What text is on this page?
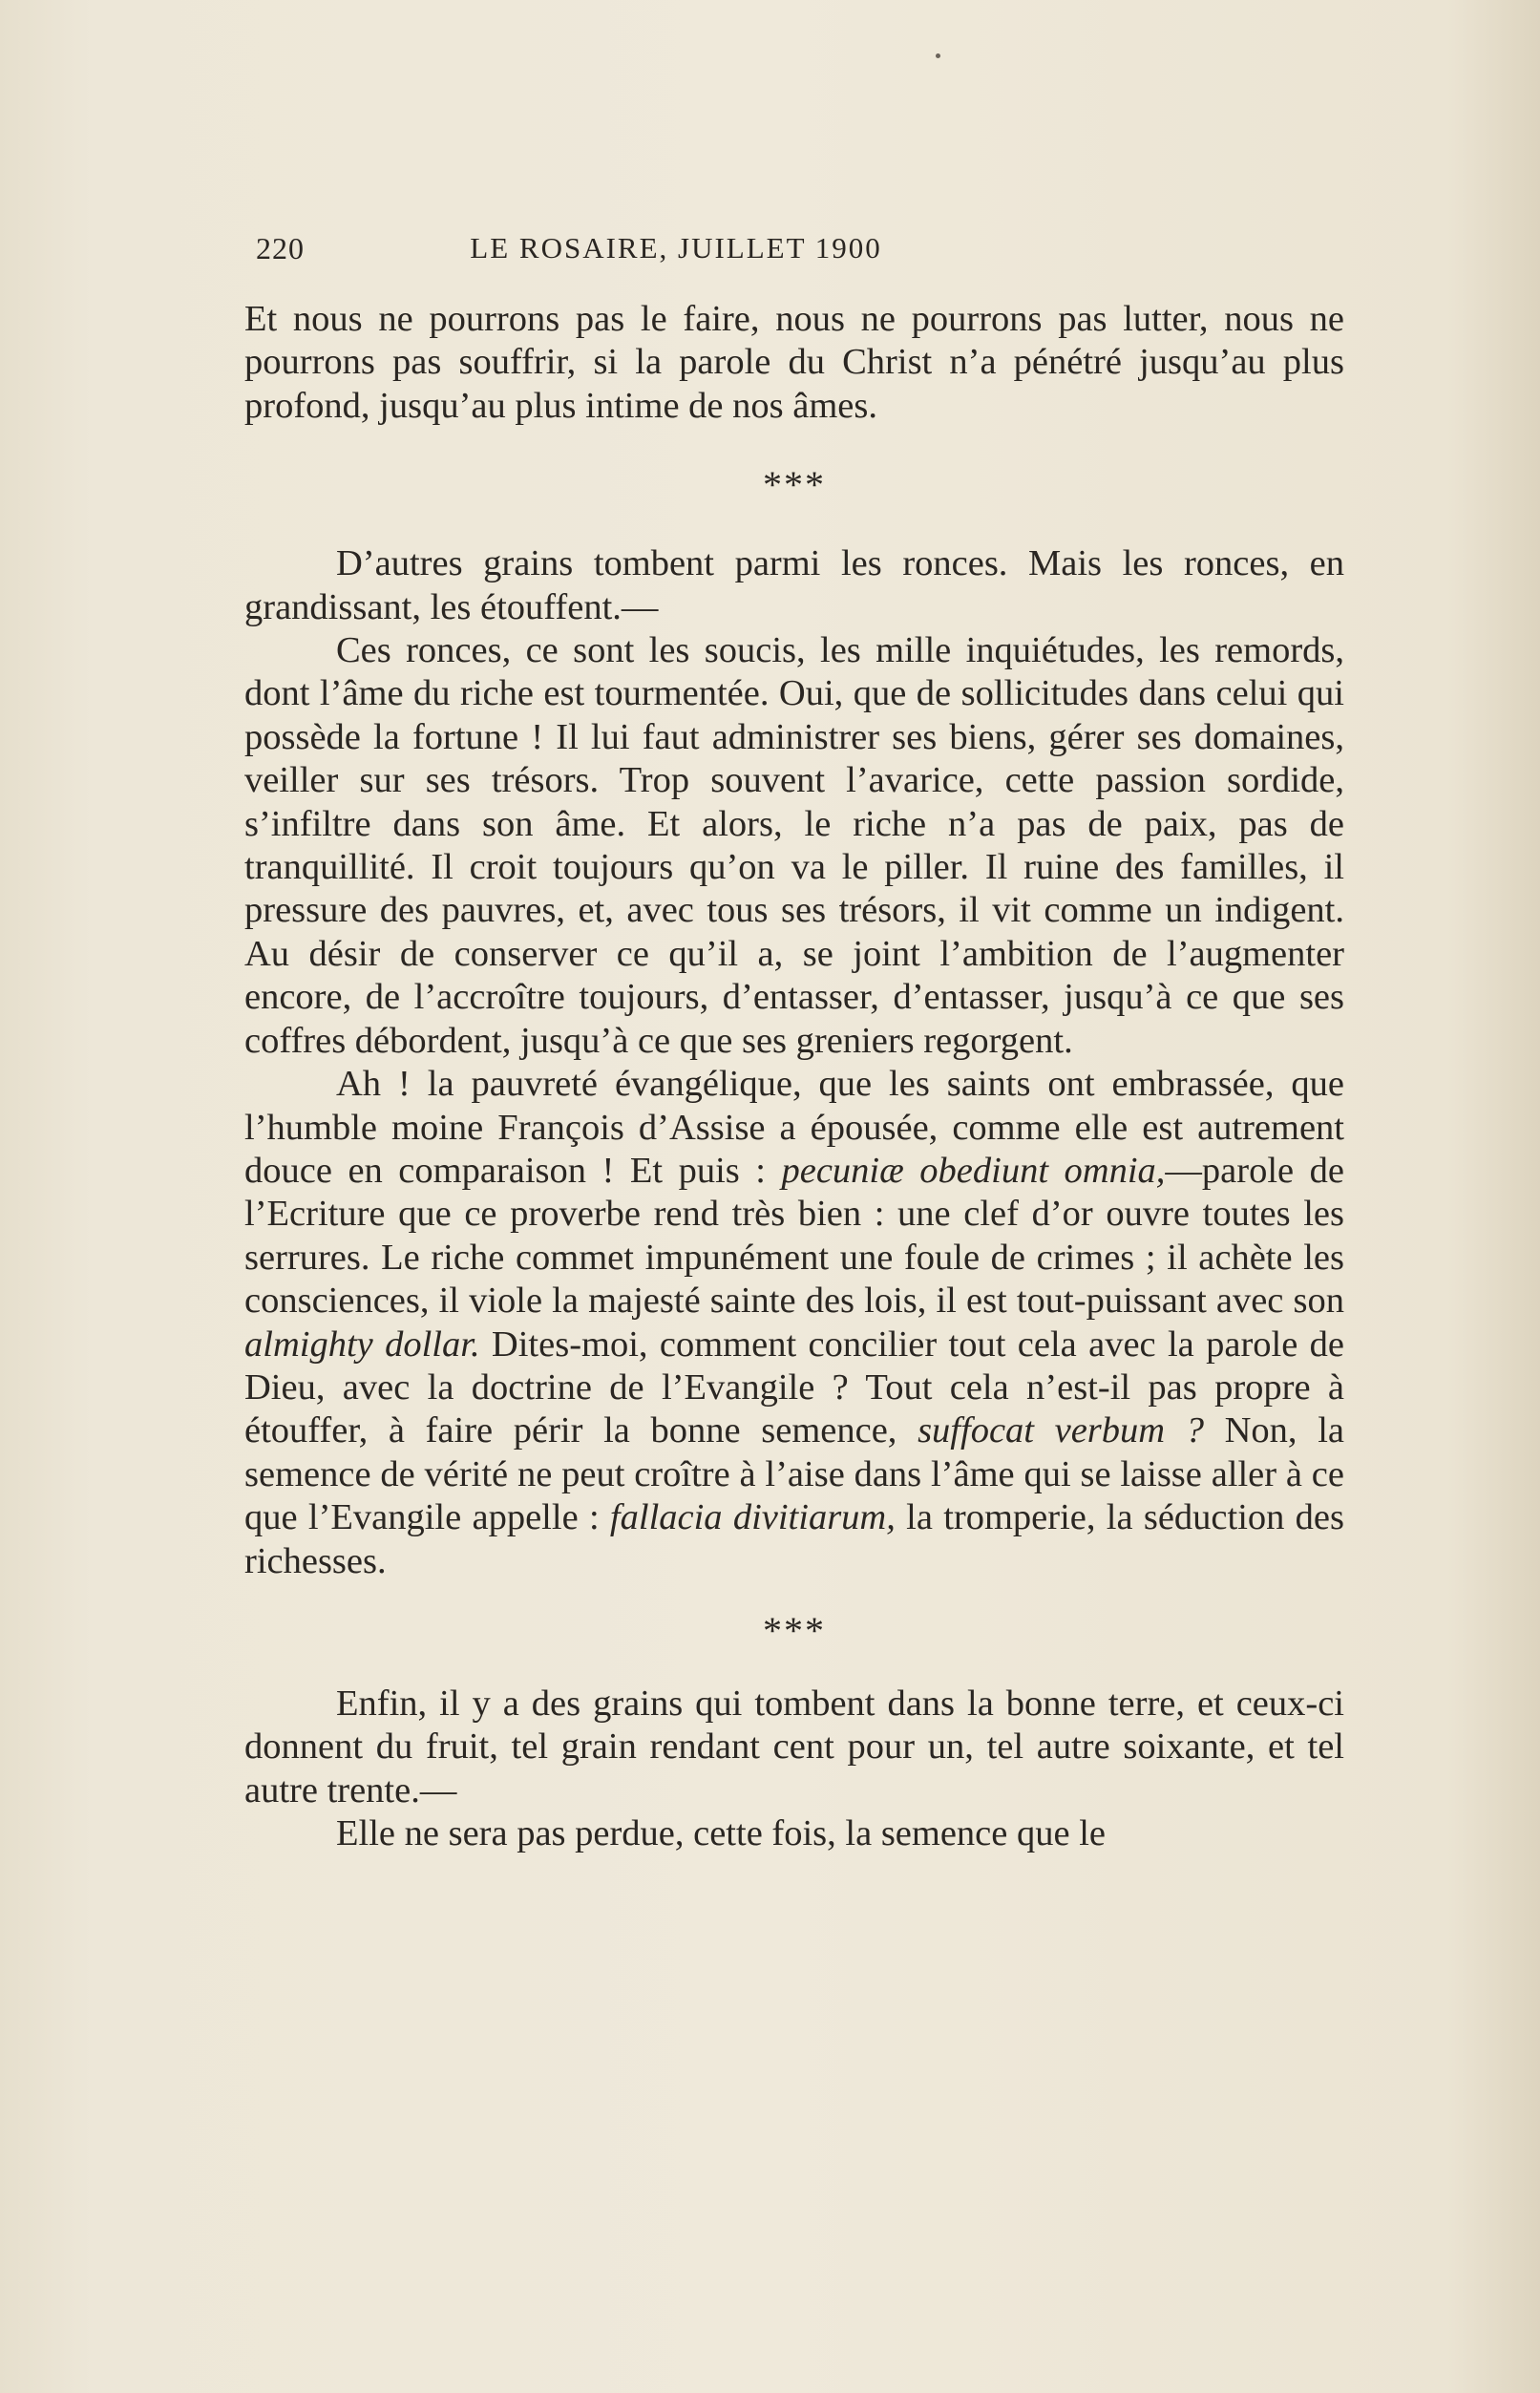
220	LE ROSAIRE, JUILLET 1900

Et nous ne pourrons pas le faire, nous ne pourrons pas lutter, nous ne pourrons pas souffrir, si la parole du Christ n’a pénétré jusqu’au plus profond, jusqu’au plus intime de nos âmes.

***

D’autres grains tombent parmi les ronces. Mais les ronces, en grandissant, les étouffent.—

Ces ronces, ce sont les soucis, les mille inquiétudes, les remords, dont l’âme du riche est tourmentée. Oui, que de sollicitudes dans celui qui possède la fortune ! Il lui faut administrer ses biens, gérer ses domaines, veiller sur ses trésors. Trop souvent l’avarice, cette passion sordide, s’infiltre dans son âme. Et alors, le riche n’a pas de paix, pas de tranquillité. Il croit toujours qu’on va le piller. Il ruine des familles, il pressure des pauvres, et, avec tous ses trésors, il vit comme un indigent. Au désir de conserver ce qu’il a, se joint l’ambition de l’augmenter encore, de l’accroître toujours, d’entasser, d’entasser, jusqu’à ce que ses coffres débordent, jusqu’à ce que ses greniers regorgent.

Ah ! la pauvreté évangélique, que les saints ont embrassée, que l’humble moine François d’Assise a épousée, comme elle est autrement douce en comparaison ! Et puis : pecuniæ obediunt omnia,—parole de l’Ecriture que ce proverbe rend très bien : une clef d’or ouvre toutes les serrures. Le riche commet impunément une foule de crimes ; il achète les consciences, il viole la majesté sainte des lois, il est tout-puissant avec son almighty dollar. Dites-moi, comment concilier tout cela avec la parole de Dieu, avec la doctrine de l’Evangile ? Tout cela n’est-il pas propre à étouffer, à faire périr la bonne semence, suffocat verbum ? Non, la semence de vérité ne peut croître à l’aise dans l’âme qui se laisse aller à ce que l’Evangile appelle : fallacia divitiarum, la tromperie, la séduction des richesses.

***

Enfin, il y a des grains qui tombent dans la bonne terre, et ceux-ci donnent du fruit, tel grain rendant cent pour un, tel autre soixante, et tel autre trente.—

Elle ne sera pas perdue, cette fois, la semence que le
